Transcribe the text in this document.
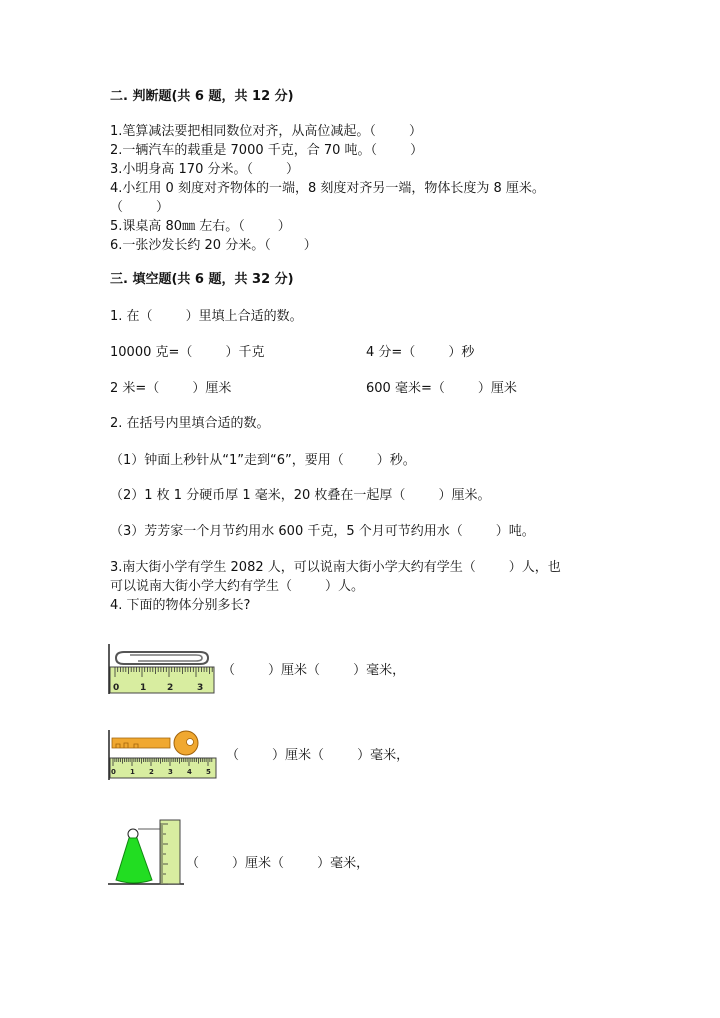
二. 判断题(共 6 题，共 12 分)
1.笔算减法要把相同数位对齐，从高位减起。（        ）
2.一辆汽车的载重是 7000 千克，合 70 吨。（        ）
3.小明身高 170 分米。（        ）
4.小红用 0 刻度对齐物体的一端，8 刻度对齐另一端，物体长度为 8 厘米。
（        ）
5.课桌高 80㎜ 左右。（        ）
6.一张沙发长约 20 分米。（        ）
三. 填空题(共 6 题，共 32 分)
1. 在（        ）里填上合适的数。
10000 克=（        ）千克	4 分=（        ）秒
2 米=（        ）厘米	600 毫米=（        ）厘米
2. 在括号内里填合适的数。
（1）钟面上秒针从“1”走到“6”，要用（        ）秒。
（2）1 枚 1 分硬币厚 1 毫米，20 枚叠在一起厚（        ）厘米。
（3）芳芳家一个月节约用水 600 千克，5 个月可节约用水（        ）吨。
3.南大街小学有学生 2082 人，可以说南大街小学大约有学生（        ）人，也
可以说南大街小学大约有学生（        ）人。
4. 下面的物体分别多长?
0 1 2	3
（        ）厘米（        ）毫米，
0 1 2 3 4 5
（        ）厘米（        ）毫米，
（        ）厘米（        ）毫米，
